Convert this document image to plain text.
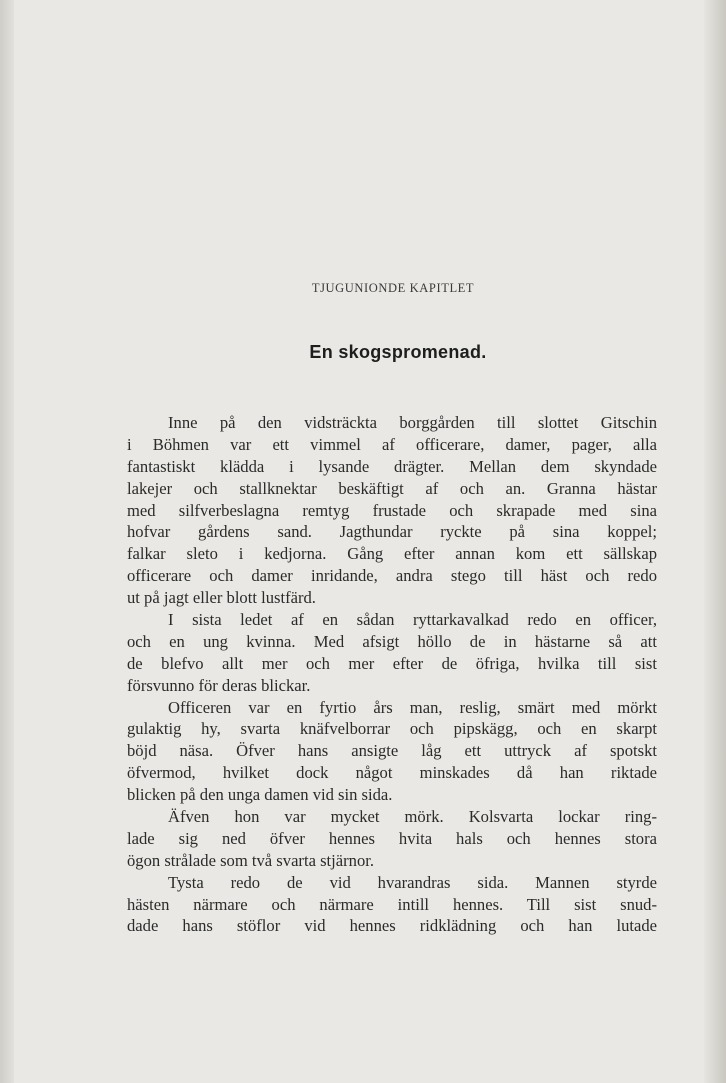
TJUGUNIONDE KAPITLET
En skogspromenad.
Inne på den vidsträckta borggården till slottet Gitschin
i Böhmen var ett vimmel af officerare, damer, pager, alla
fantastiskt klädda i lysande drägter. Mellan dem skyndade
lakejer och stallknektar beskäftigt af och an. Granna hästar
med silfverbeslagna remtyg frustade och skrapade med sina
hofvar gårdens sand. Jagthundar ryckte på sina koppel;
falkar sleto i kedjorna. Gång efter annan kom ett sällskap
officerare och damer inridande, andra stego till häst och redo
ut på jagt eller blott lustfärd.
I sista ledet af en sådan ryttarkavalkad redo en officer,
och en ung kvinna. Med afsigt höllo de in hästarne så att
de blefvo allt mer och mer efter de öfriga, hvilka till sist
försvunno för deras blickar.
Officeren var en fyrtio års man, reslig, smärt med mörkt
gulaktig hy, svarta knäfvelborrar och pipskägg, och en skarpt
böjd näsa. Öfver hans ansigte låg ett uttryck af spotskt
öfvermod, hvilket dock något minskades då han riktade
blicken på den unga damen vid sin sida.
Äfven hon var mycket mörk. Kolsvarta lockar ring-
lade sig ned öfver hennes hvita hals och hennes stora
ögon strålade som två svarta stjärnor.
Tysta redo de vid hvarandras sida. Mannen styrde
hästen närmare och närmare intill hennes. Till sist snud-
dade hans stöflor vid hennes ridklädning och han lutade
